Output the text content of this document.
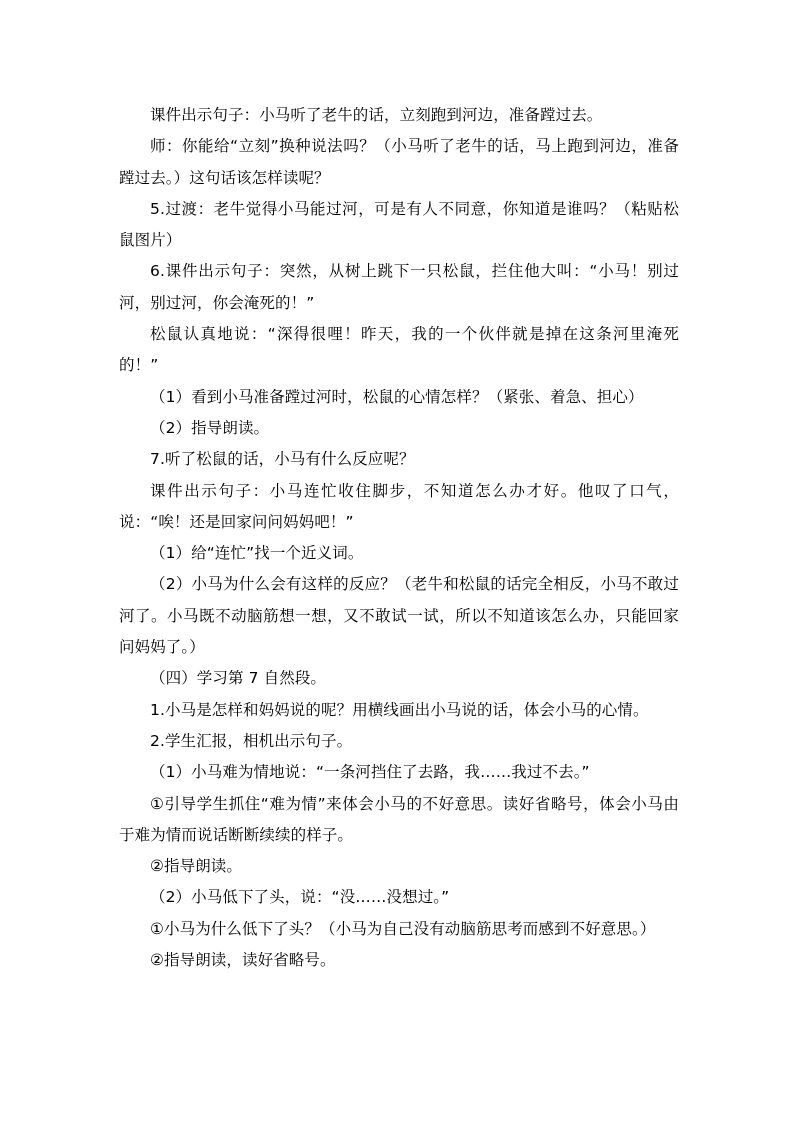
课件出示句子：小马听了老牛的话，立刻跑到河边，准备蹚过去。

师：你能给“立刻”换种说法吗？（小马听了老牛的话，马上跑到河边，准备蹚过去。）这句话该怎样读呢？

5.过渡：老牛觉得小马能过河，可是有人不同意，你知道是谁吗？（粘贴松鼠图片）

6.课件出示句子：突然，从树上跳下一只松鼠，拦住他大叫：“小马！别过河，别过河，你会淹死的！”

松鼠认真地说：“深得很哩！昨天，我的一个伙伴就是掉在这条河里淹死的！”

（1）看到小马准备蹚过河时，松鼠的心情怎样？（紧张、着急、担心）

（2）指导朗读。

7.听了松鼠的话，小马有什么反应呢？

课件出示句子：小马连忙收住脚步，不知道怎么办才好。他叹了口气，说：“唉！还是回家问问妈妈吧！”

（1）给“连忙”找一个近义词。

（2）小马为什么会有这样的反应？（老牛和松鼠的话完全相反，小马不敢过河了。小马既不动脑筋想一想，又不敢试一试，所以不知道该怎么办，只能回家问妈妈了。）

（四）学习第 7 自然段。

1.小马是怎样和妈妈说的呢？用横线画出小马说的话，体会小马的心情。

2.学生汇报，相机出示句子。

（1）小马难为情地说：“一条河挡住了去路，我……我过不去。”

①引导学生抓住“难为情”来体会小马的不好意思。读好省略号，体会小马由于难为情而说话断断续续的样子。

②指导朗读。

（2）小马低下了头，说：“没……没想过。”

①小马为什么低下了头？（小马为自己没有动脑筋思考而感到不好意思。）

②指导朗读，读好省略号。
